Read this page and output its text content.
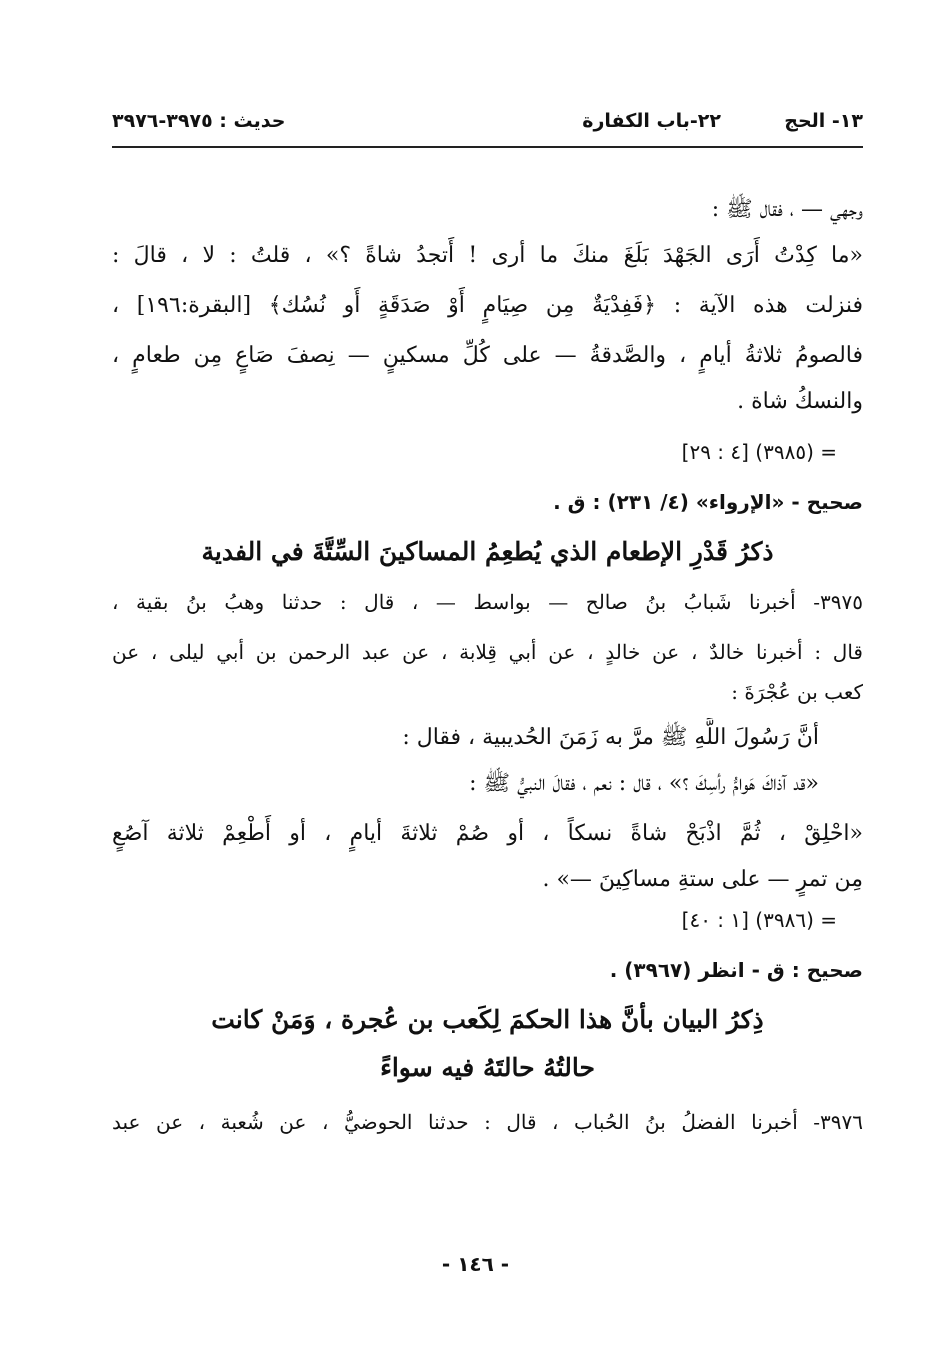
١٣- الحج
٢٢-باب الكفارة
حديث : ٣٩٧٥-٣٩٧٦
وجهي — ، فقال ﷺ :
«ما كِدْتُ أَرَى الجَهْدَ بَلَغَ منكَ ما أرى ! أَتجدُ شاةً ؟» ، قلتُ : لا ، قالَ :
فنزلت هذه الآية : ﴿فَفِدْيَةٌ مِن صِيَامٍ أَوْ صَدَقَةٍ أَو نُسُك﴾ [البقرة:١٩٦] ،
فالصومُ ثلاثةُ أيامٍ ، والصَّدقةُ — على كُلِّ مسكينٍ — نِصفَ صَاعٍ مِن طعامٍ ،
والنسكُ شاة .
= (٣٩٨٥) [٤ : ٢٩]
صحيح - «الإرواء» (٤/ ٢٣١) : ق .
ذكرُ قَدْرِ الإطعام الذي يُطعِمُ المساكينَ السِّتَّةَ في الفدية
٣٩٧٥- أخبرنا شَبابُ بنُ صالح — بواسط — ، قال : حدثنا وهبُ بنُ بقية ،
قال : أخبرنا خالدٌ ، عن خالدٍ ، عن أبي قِلابة ، عن عبد الرحمن بن أبي ليلى ، عن
كعب بن عُجْرَةَ :
أنَّ رَسُولَ اللَّهِ ﷺ مرَّ به زَمَنَ الحُديبية ، فقال :
«قد آذاكَ هَوامُّ رأسِكَ ؟» ، قال : نعم ، فقالَ النبيُّ ﷺ :
«احْلِقْ ، ثُمَّ اذْبَحْ شاةً نسكاً ، أو صُمْ ثلاثةَ أيامٍ ، أو أَطْعِمْ ثلاثة آصُعٍ
مِن تمرٍ — على ستةِ مساكِينَ —» .
= (٣٩٨٦) [١ : ٤٠]
صحيح : ق - انظر (٣٩٦٧) .
ذِكرُ البيان بأنَّ هذا الحكمَ لِكَعب بن عُجرة ، وَمَنْ كانت
حالتُهُ حالتَهُ فيه سواءً
٣٩٧٦- أخبرنا الفضلُ بنُ الحُباب ، قال : حدثنا الحوضيُّ ، عن شُعبة ، عن عبد
- ١٤٦ -
